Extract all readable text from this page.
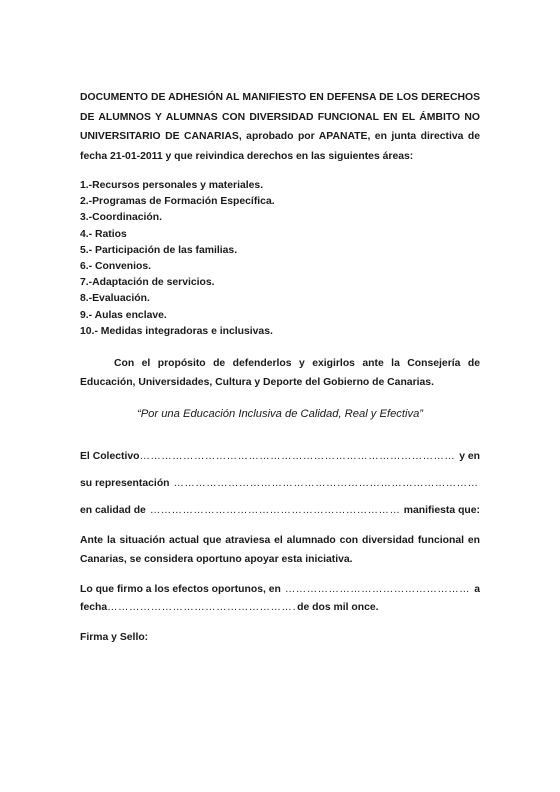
DOCUMENTO DE ADHESIÓN AL MANIFIESTO EN DEFENSA DE LOS DERECHOS DE ALUMNOS Y ALUMNAS CON DIVERSIDAD FUNCIONAL EN EL ÁMBITO NO UNIVERSITARIO DE CANARIAS, aprobado por APANATE, en junta directiva de fecha 21-01-2011 y que reivindica derechos en las siguientes áreas:

1.-Recursos personales y materiales.
2.-Programas de Formación Específica.
3.-Coordinación.
4.- Ratios
5.- Participación de las familias.
6.- Convenios.
7.-Adaptación de servicios.
8.-Evaluación.
9.- Aulas enclave.
10.- Medidas integradoras e inclusivas.

Con el propósito de defenderlos y exigirlos ante la Consejería de Educación, Universidades, Cultura y Deporte del Gobierno de Canarias.

“Por una Educación Inclusiva de Calidad, Real y Efectiva”

El Colectivo ………………………………………………………………………………………………………………………………………………	y en
su representación
………………………………………………………………………………………………………………………………………………
en calidad de ………………………………………………………………………………………………………………………………………………	manifiesta que:

Ante la situación actual que atraviesa el alumnado con diversidad funcional en Canarias, se considera oportuno apoyar esta iniciativa.

Lo que firmo a los efectos oportunos, en ………………………………………………………………………………………………………………………………………………	a
fecha ………………………………………………………………………………………………………………………………………………	de dos mil once.
Firma y Sello:
